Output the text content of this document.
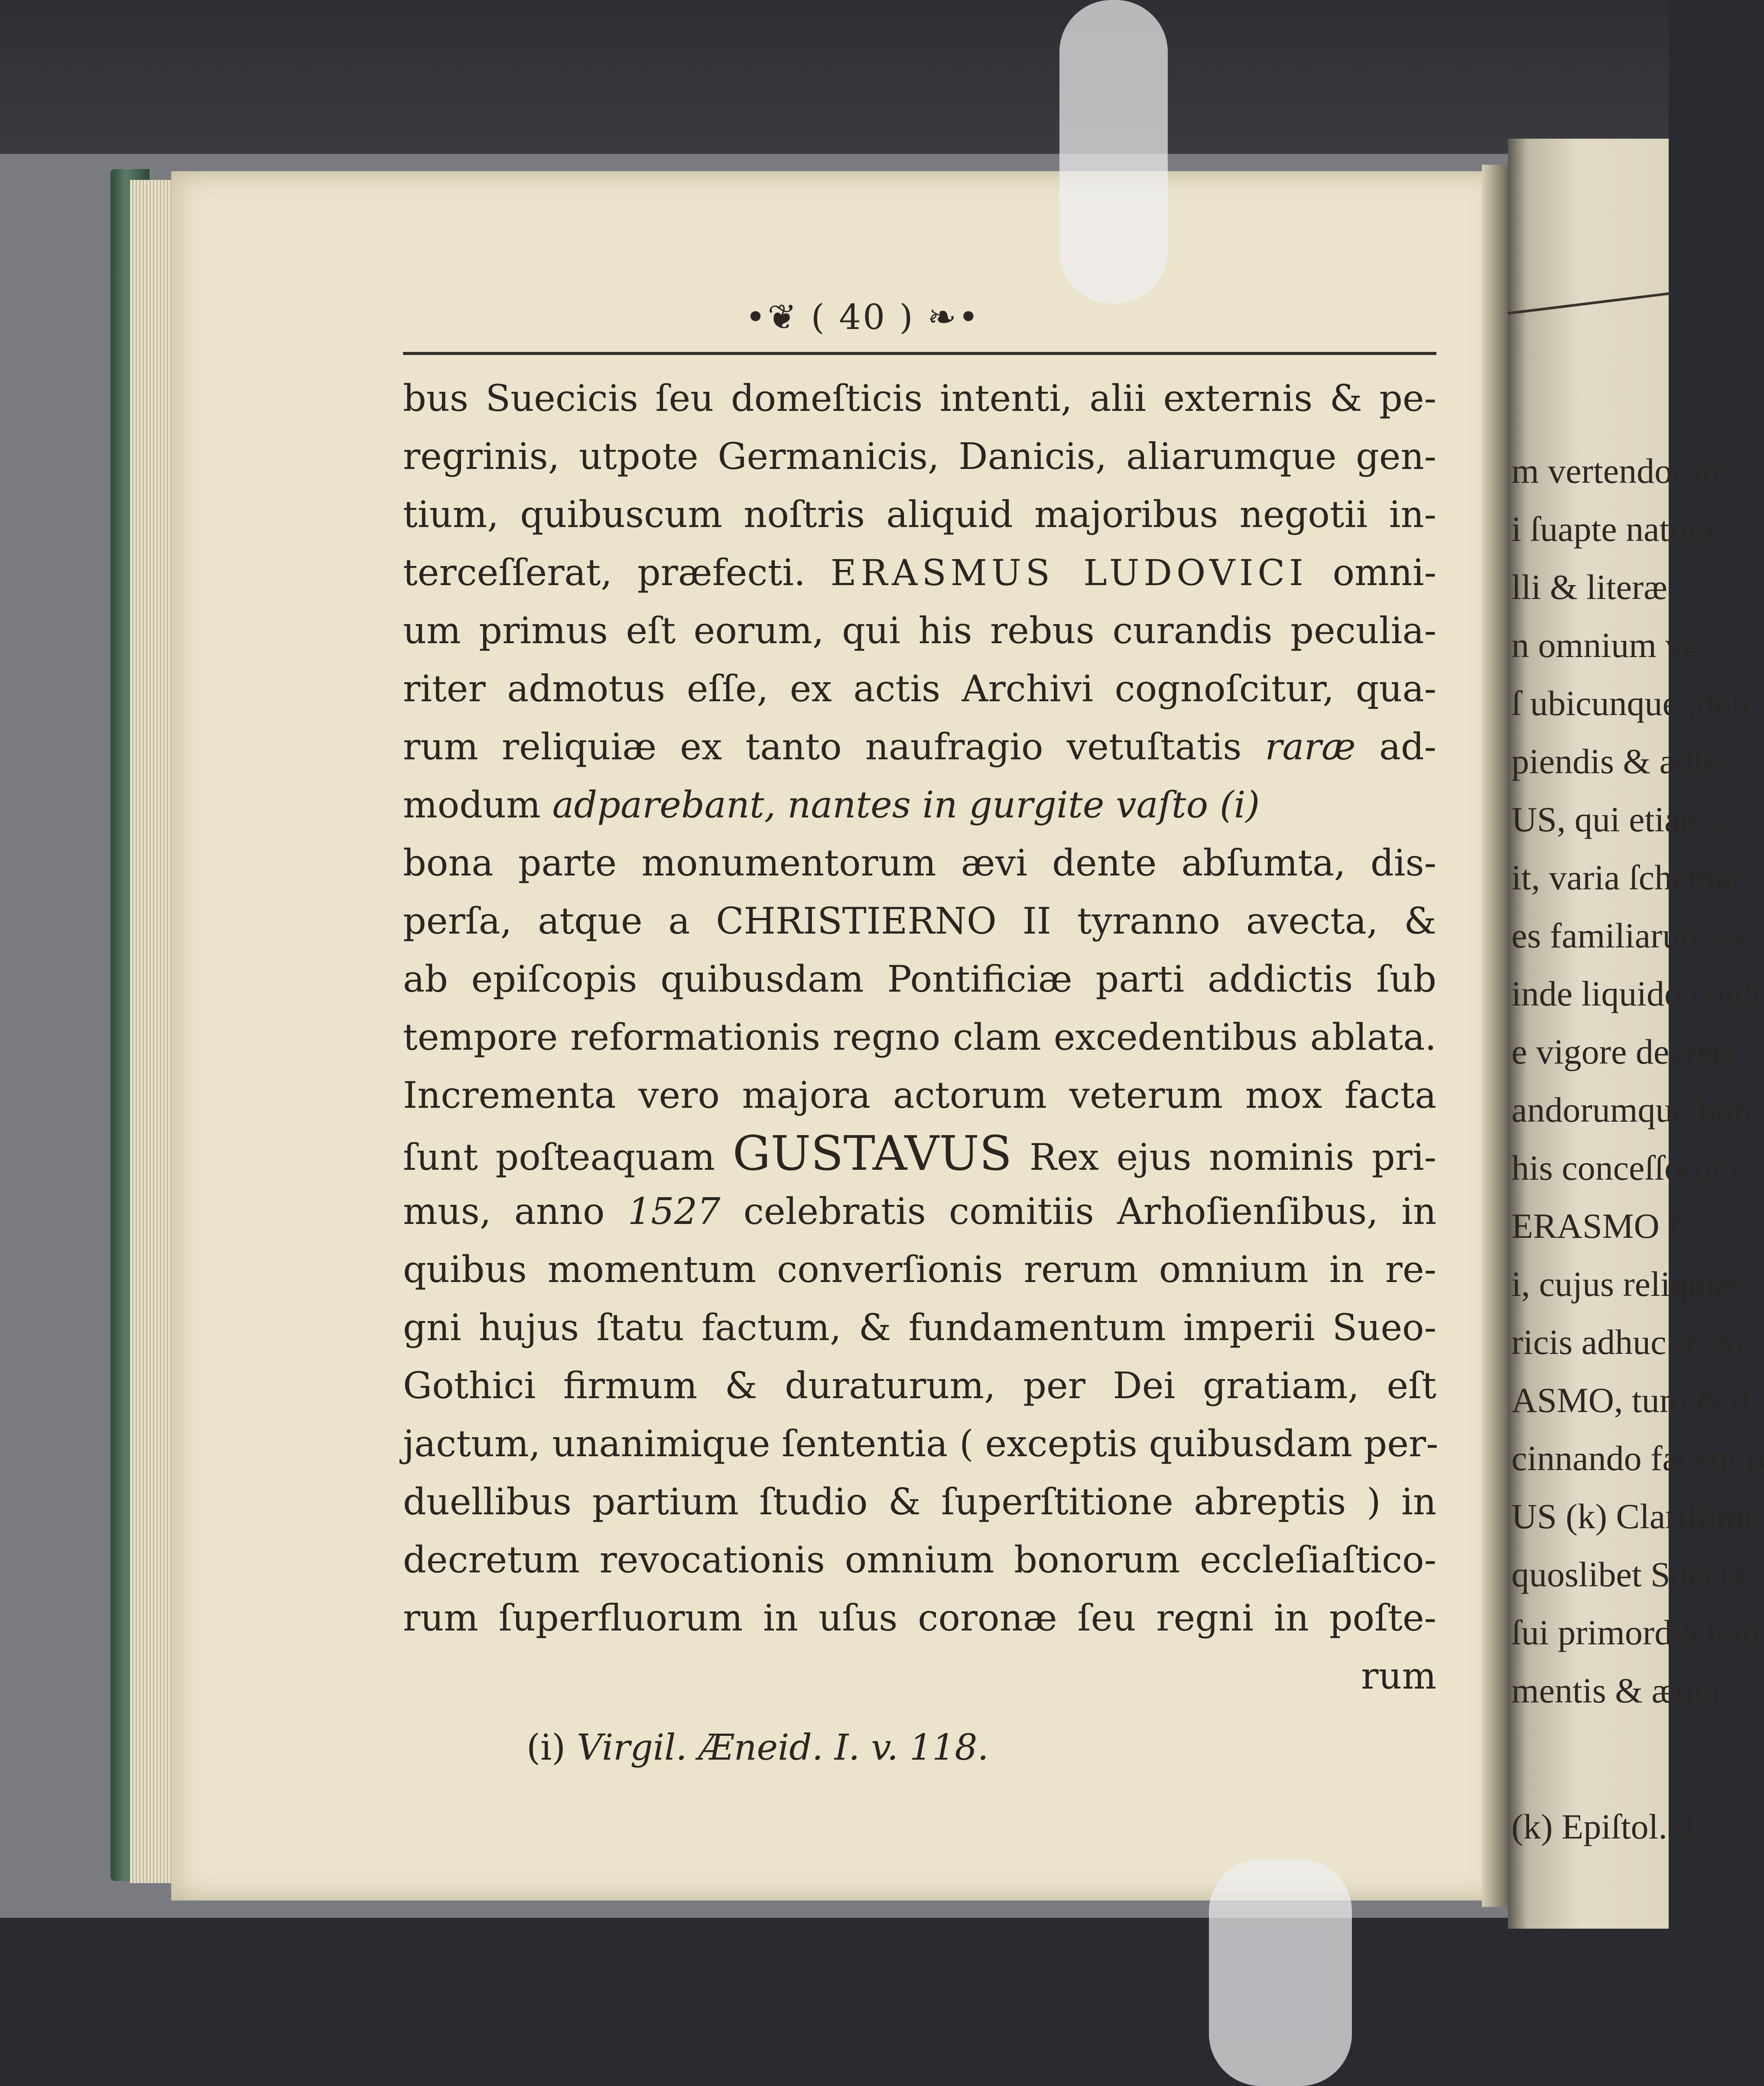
•❦ ( 40 ) ❧•
bus Suecicis ſeu domeſticis intenti, alii externis & pe-
regrinis, utpote Germanicis, Danicis, aliarumque gen-
tium, quibuscum noſtris aliquid majoribus negotii in-
terceſſerat, præfecti. ERASMUS LUDOVICI omni-
um primus eſt eorum, qui his rebus curandis peculia-
riter admotus eſſe, ex actis Archivi cognoſcitur, qua-
rum reliquiæ ex tanto naufragio vetuſtatis raræ ad-
modum adparebant, nantes in gurgite vaſto (i)
bona parte monumentorum ævi dente abſumta, dis-
perſa, atque a CHRISTIERNO II tyranno avecta, &
ab epiſcopis quibusdam Pontificiæ parti addictis ſub
tempore reformationis regno clam excedentibus ablata.
Incrementa vero majora actorum veterum mox facta
ſunt poſteaquam GUSTAVUS Rex ejus nominis pri-
mus, anno 1527 celebratis comitiis Arhoſienſibus, in
quibus momentum converſionis rerum omnium in re-
gni hujus ſtatu factum, & fundamentum imperii Sueo-
Gothici firmum & duraturum, per Dei gratiam, eſt
jactum, unanimique ſententia ( exceptis quibusdam per-
duellibus partium ſtudio & ſuperſtitione abreptis ) in
decretum revocationis omnium bonorum eccleſiaſtico-
rum ſuperfluorum in uſus coronæ ſeu regni in poſte-
rum
(i) Virgil. Æneid. I. v. 118.
m vertendorum
i ſuapte natura
lli & literæ
n omnium ve
ſ ubicunque ;deli
piendis & adſer
US, qui etiam a
it, varia ſchemat
es familiarum ex
inde liquido conſt
e vigore decreti
andorumque bon
his conceſſorum
ERASMO fi
i, cujus reliquiæ
ricis adhuc in Ar
ASMO, tum & d
cinnando facem p
US (k) Clariſſimo
quoslibet Sueciæ,
ſui primordia ſem
mentis & æqui
(k) Epiſtol. d
